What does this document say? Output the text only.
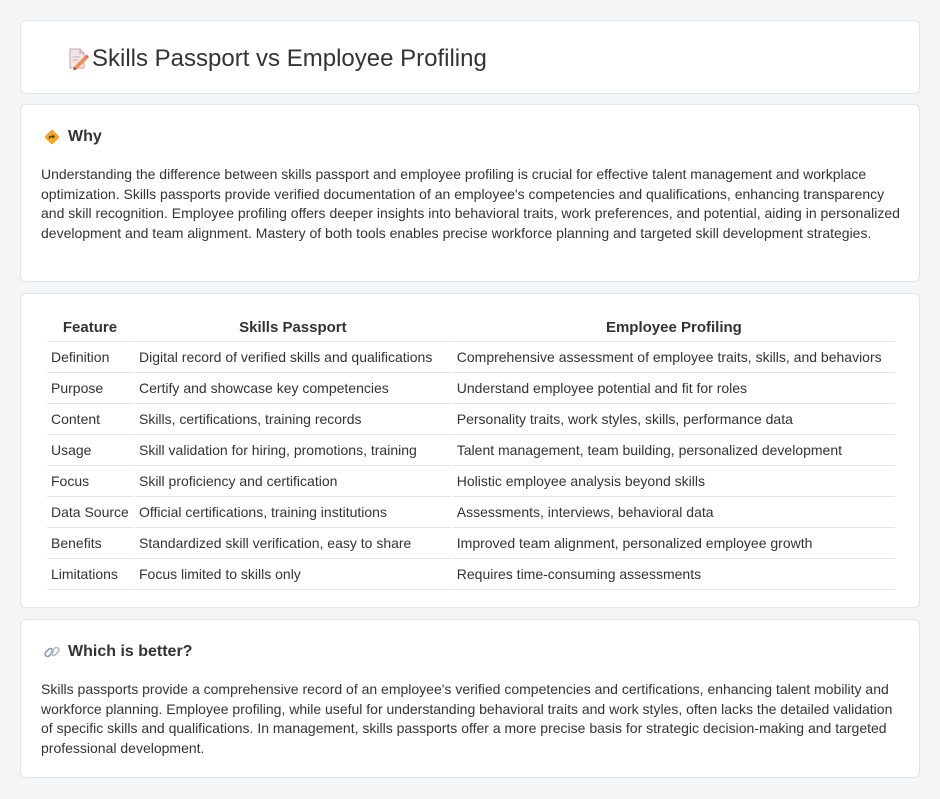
Skills Passport vs Employee Profiling
Why

Understanding the difference between skills passport and employee profiling is crucial for effective talent management and workplace optimization. Skills passports provide verified documentation of an employee's competencies and qualifications, enhancing transparency and skill recognition. Employee profiling offers deeper insights into behavioral traits, work preferences, and potential, aiding in personalized development and team alignment. Mastery of both tools enables precise workforce planning and targeted skill development strategies.

Feature	Skills Passport	Employee Profiling
Definition	Digital record of verified skills and qualifications	Comprehensive assessment of employee traits, skills, and behaviors
Purpose	Certify and showcase key competencies	Understand employee potential and fit for roles
Content	Skills, certifications, training records	Personality traits, work styles, skills, performance data
Usage	Skill validation for hiring, promotions, training	Talent management, team building, personalized development
Focus	Skill proficiency and certification	Holistic employee analysis beyond skills
Data Source	Official certifications, training institutions	Assessments, interviews, behavioral data
Benefits	Standardized skill verification, easy to share	Improved team alignment, personalized employee growth
Limitations	Focus limited to skills only	Requires time-consuming assessments
Which is better?

Skills passports provide a comprehensive record of an employee's verified competencies and certifications, enhancing talent mobility and workforce planning. Employee profiling, while useful for understanding behavioral traits and work styles, often lacks the detailed validation of specific skills and qualifications. In management, skills passports offer a more precise basis for strategic decision-making and targeted professional development.
